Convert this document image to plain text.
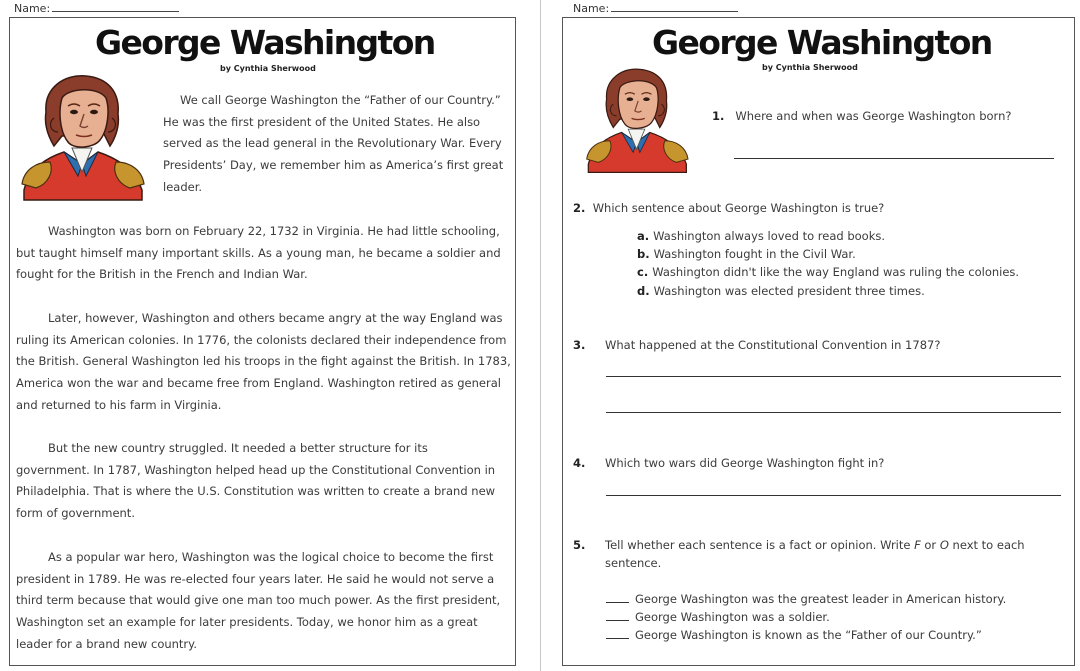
Name:
George Washington
by Cynthia Sherwood

We call George Washington the “Father of our Country.” He was the first president of the United States. He also served as the lead general in the Revolutionary War. Every Presidents’ Day, we remember him as America’s first great leader.

Washington was born on February 22, 1732 in Virginia. He had little schooling, but taught himself many important skills. As a young man, he became a soldier and fought for the British in the French and Indian War.

Later, however, Washington and others became angry at the way England was ruling its American colonies. In 1776, the colonists declared their independence from the British. General Washington led his troops in the fight against the British. In 1783, America won the war and became free from England. Washington retired as general and returned to his farm in Virginia.

But the new country struggled. It needed a better structure for its government. In 1787, Washington helped head up the Constitutional Convention in Philadelphia. That is where the U.S. Constitution was written to create a brand new form of government.

As a popular war hero, Washington was the logical choice to become the first president in 1789. He was re-elected four years later. He said he would not serve a third term because that would give one man too much power. As the first president, Washington set an example for later presidents. Today, we honor him as a great leader for a brand new country.

Name:
George Washington
by Cynthia Sherwood
1. Where and when was George Washington born?
2. Which sentence about George Washington is true?
a. Washington always loved to read books.
b. Washington fought in the Civil War.
c. Washington didn't like the way England was ruling the colonies.
d. Washington was elected president three times.
3. What happened at the Constitutional Convention in 1787?
4. Which two wars did George Washington fight in?
5. Tell whether each sentence is a fact or opinion. Write F or O next to each sentence.
George Washington was the greatest leader in American history.
George Washington was a soldier.
George Washington is known as the “Father of our Country.”
